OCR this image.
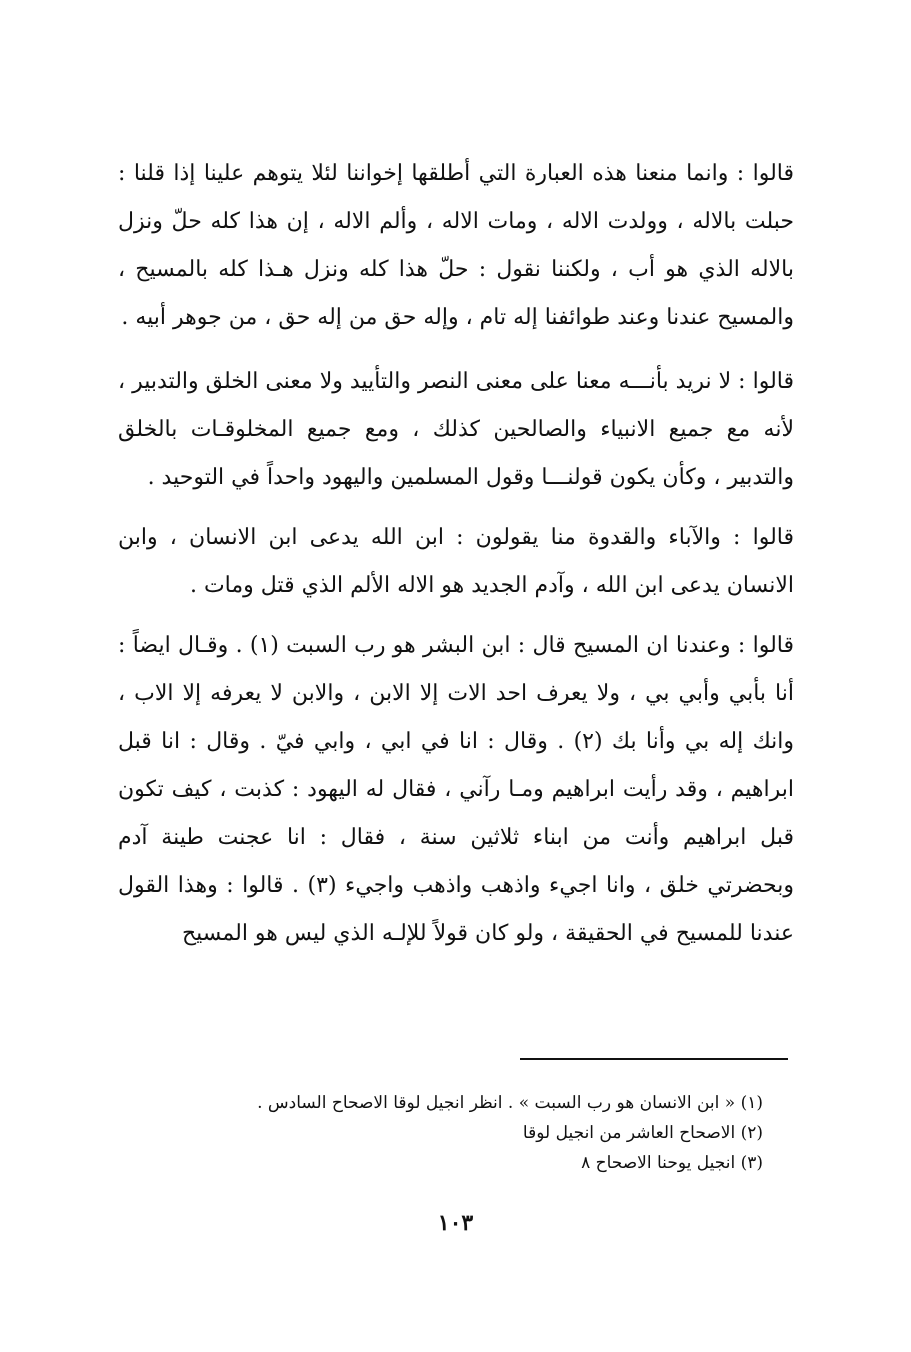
قالوا : وانما منعنا هذه العبارة التي أطلقها إخواننا لئلا يتوهم علينا إذا قلنا : حبلت بالاله ، وولدت الاله ، ومات الاله ، وألم الاله ، إن هذا كله حلّ ونزل بالاله الذي هو أب ، ولكننا نقول : حلّ هذا كله ونزل هـذا كله بالمسيح ، والمسيح عندنا وعند طوائفنا إله تام ، وإله حق من إله حق ، من جوهر أبيه .

قالوا : لا نريد بأنـــه معنا على معنى النصر والتأييد ولا معنى الخلق والتدبير ، لأنه مع جميع الانبياء والصالحين كذلك ، ومع جميع المخلوقـات بالخلق والتدبير ، وكأن يكون قولنـــا وقول المسلمين واليهود واحداً في التوحيد .

قالوا : والآباء والقدوة منا يقولون : ابن الله يدعى ابن الانسان ، وابن الانسان يدعى ابن الله ، وآدم الجديد هو الاله الألم الذي قتل ومات .

قالوا : وعندنا ان المسيح قال : ابن البشر هو رب السبت (١) . وقـال ايضاً : أنا بأبي وأبي بي ، ولا يعرف احد الات إلا الابن ، والابن لا يعرفه إلا الاب ، وانك إله بي وأنا بك (٢) . وقال : انا في ابي ، وابي فيّ . وقال : انا قبل ابراهيم ، وقد رأيت ابراهيم ومـا رآني ، فقال له اليهود : كذبت ، كيف تكون قبل ابراهيم وأنت من ابناء ثلاثين سنة ، فقال : انا عجنت طينة آدم وبحضرتي خلق ، وانا اجيء واذهب واذهب واجيء (٣) . قالوا : وهذا القول عندنا للمسيح في الحقيقة ، ولو كان قولاً للإلـه الذي ليس هو المسيح

(١) « ابن الانسان هو رب السبت » . انظر انجيل لوقا الاصحاح السادس .
(٢) الاصحاح العاشر من انجيل لوقا
(٣) انجيل يوحنا الاصحاح ٨
١٠٣
